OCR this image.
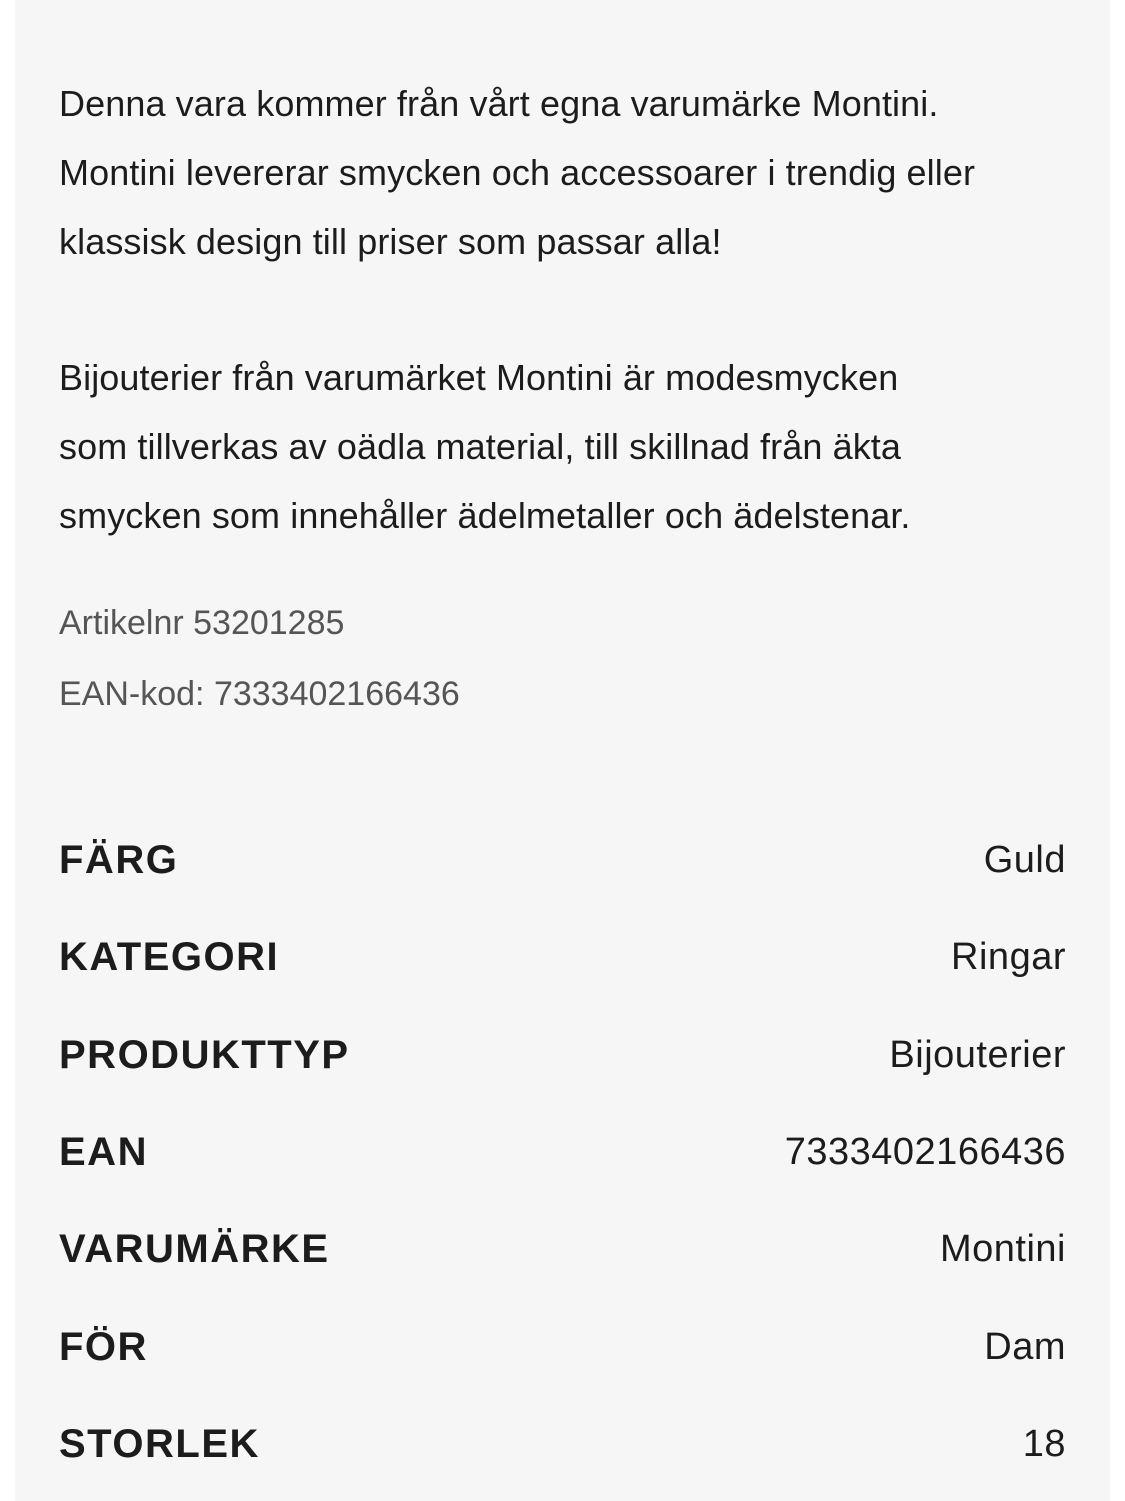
Denna vara kommer från vårt egna varumärke Montini.
Montini levererar smycken och accessoarer i trendig eller
klassisk design till priser som passar alla!

Bijouterier från varumärket Montini är modesmycken
som tillverkas av oädla material, till skillnad från äkta
smycken som innehåller ädelmetaller och ädelstenar.

Artikelnr 53201285

EAN-kod: 7333402166436

FÄRG	Guld
KATEGORI	Ringar
PRODUKTTYP	Bijouterier
EAN	7333402166436
VARUMÄRKE	Montini
FÖR	Dam
STORLEK	18
